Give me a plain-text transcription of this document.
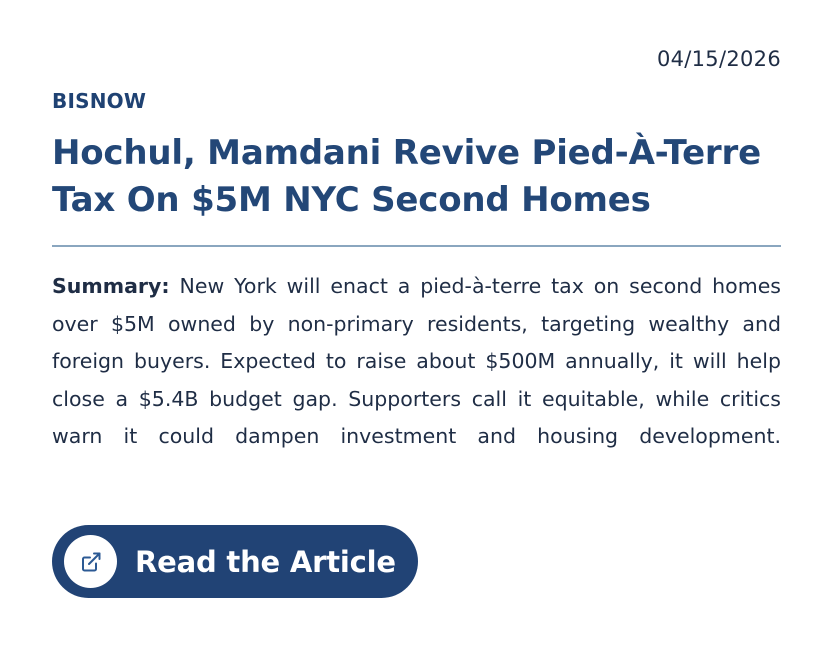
04/15/2026
BISNOW
Hochul, Mamdani Revive Pied-À-Terre Tax On $5M NYC Second Homes

Summary: New York will enact a pied-à-terre tax on second homes over $5M owned by non-primary residents, targeting wealthy and foreign buyers. Expected to raise about $500M annually, it will help close a $5.4B budget gap. Supporters call it equitable, while critics warn it could dampen investment and housing development.

Read the Article
